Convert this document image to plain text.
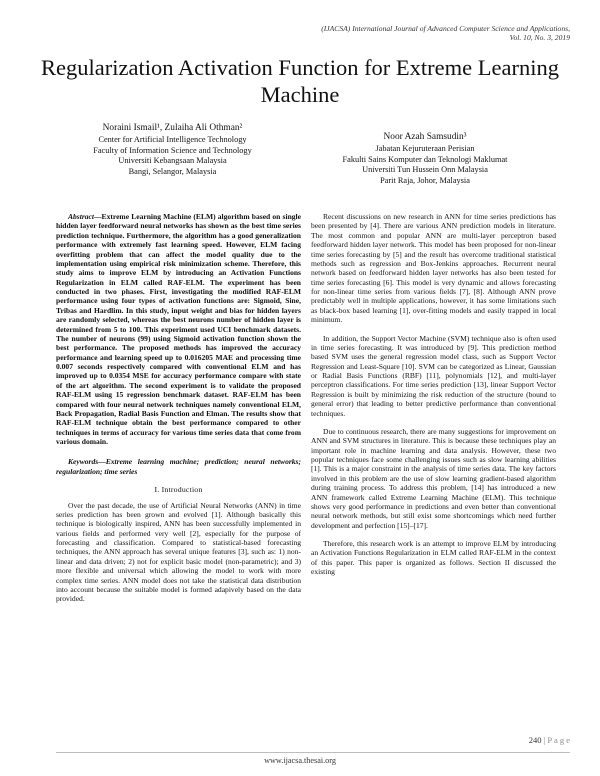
(IJACSA) International Journal of Advanced Computer Science and Applications,
Vol. 10, No. 3, 2019
Regularization Activation Function for Extreme Learning Machine
Noraini Ismail¹, Zulaiha Ali Othman²
Center for Artificial Intelligence Technology
Faculty of Information Science and Technology
Universiti Kebangsaan Malaysia
Bangi, Selangor, Malaysia
Noor Azah Samsudin³
Jabatan Kejuruteraan Perisian
Fakulti Sains Komputer dan Teknologi Maklumat
Universiti Tun Hussein Onn Malaysia
Parit Raja, Johor, Malaysia

Abstract—Extreme Learning Machine (ELM) algorithm based on single hidden layer feedforward neural networks has shown as the best time series prediction technique. Furthermore, the algorithm has a good generalization performance with extremely fast learning speed. However, ELM facing overfitting problem that can affect the model quality due to the implementation using empirical risk minimization scheme. Therefore, this study aims to improve ELM by introducing an Activation Functions Regularization in ELM called RAF-ELM. The experiment has been conducted in two phases. First, investigating the modified RAF-ELM performance using four types of activation functions are: Sigmoid, Sine, Tribas and Hardlim. In this study, input weight and bias for hidden layers are randomly selected, whereas the best neurons number of hidden layer is determined from 5 to 100. This experiment used UCI benchmark datasets. The number of neurons (99) using Sigmoid activation function shown the best performance. The proposed methods has improved the accuracy performance and learning speed up to 0.016205 MAE and processing time 0.007 seconds respectively compared with conventional ELM and has improved up to 0.0354 MSE for accuracy performance compare with state of the art algorithm. The second experiment is to validate the proposed RAF-ELM using 15 regression benchmark dataset. RAF-ELM has been compared with four neural network techniques namely conventional ELM, Back Propagation, Radial Basis Function and Elman. The results show that RAF-ELM technique obtain the best performance compared to other techniques in terms of accuracy for various time series data that come from various domain.

Keywords—Extreme learning machine; prediction; neural networks; regularization; time series

I. Introduction

Over the past decade, the use of Artificial Neural Networks (ANN) in time series prediction has been grown and evolved [1]. Although basically this technique is biologically inspired, ANN has been successfully implemented in various fields and performed very well [2], especially for the purpose of forecasting and classification. Compared to statistical-based forecasting techniques, the ANN approach has several unique features [3], such as: 1) non-linear and data driven; 2) not for explicit basic model (non-parametric); and 3) more flexible and universal which allowing the model to work with more complex time series. ANN model does not take the statistical data distribution into account because the suitable model is formed adapively based on the data provided.

Recent discussions on new research in ANN for time series predictions has been presented by [4]. There are various ANN prediction models in literature. The most common and popular ANN are multi-layer perceptron based feedforward hidden layer network. This model has been proposed for non-linear time series forecasting by [5] and the result has overcome traditional statistical methods such as regression and Box-Jenkins approaches. Recurrent neural network based on feedforward hidden layer networks has also been tested for time series forecasting [6]. This model is very dynamic and allows forecasting for non-linear time series from various fields [7], [8]. Although ANN prove predictably well in multiple applications, however, it has some limitations such as black-box based learning [1], over-fitting models and easily trapped in local minimum.

In addition, the Support Vector Machine (SVM) technique also is often used in time series forecasting. It was introduced by [9]. This prediction method based SVM uses the general regression model class, such as Support Vector Regression and Least-Square [10]. SVM can be categorized as Linear, Gaussian or Radial Basis Functions (RBF) [11], polynomials [12], and multi-layer perceptron classifications. For time series prediction [13], linear Support Vector Regression is built by minimizing the risk reduction of the structure (bound to general error) that leading to better predictive performance than conventional techniques.

Due to continuous research, there are many suggestions for improvement on ANN and SVM structures in literature. This is because these techniques play an important role in machine learning and data analysis. However, these two popular techniques face some challenging issues such as slow learning abilities [1]. This is a major constraint in the analysis of time series data. The key factors involved in this problem are the use of slow learning gradient-based algorithm during training process. To address this problem, [14] has introduced a new ANN framework called Extreme Learning Machine (ELM). This technique shows very good performance in predictions and even better than conventional neural network methods, but still exist some shortcomings which need further development and perfection [15]–[17].

Therefore, this research work is an attempt to improve ELM by introducing an Activation Functions Regularization in ELM called RAF-ELM in the context of this paper. This paper is organized as follows. Section II discussed the existing

240 | P a g e
www.ijacsa.thesai.org
